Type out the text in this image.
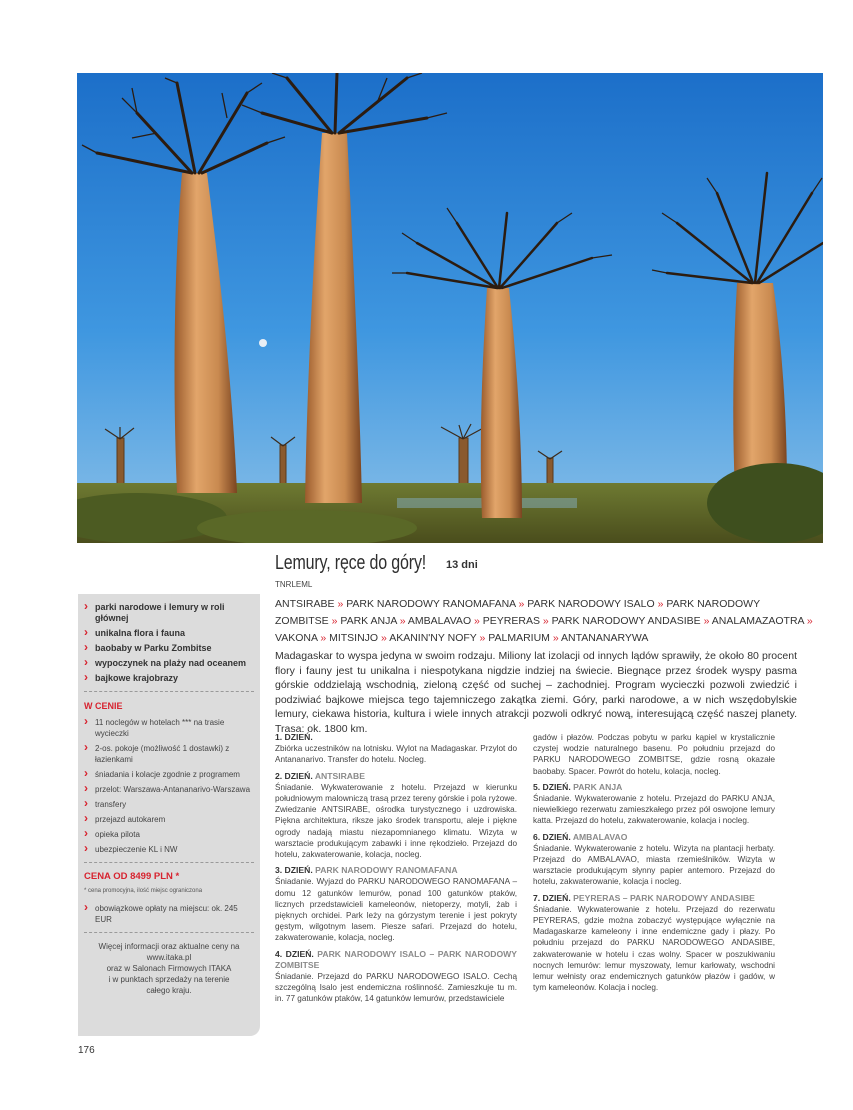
Lemury, ręce do góry! 13 dni
TNRLEML
ANTSIRABE » PARK NARODOWY RANOMAFANA » PARK NARODOWY ISALO » PARK NARODOWY ZOMBITSE » PARK ANJA » AMBALAVAO » PEYRERAS » PARK NARODOWY ANDASIBE » ANALAMAZAOTRA » VAKONA » MITSINJO » AKANIN'NY NOFY » PALMARIUM » ANTANANARYWA
Madagaskar to wyspa jedyna w swoim rodzaju. Miliony lat izolacji od innych lądów sprawiły, że około 80 procent flory i fauny jest tu unikalna i niespotykana nigdzie indziej na świecie. Biegnące przez środek wyspy pasma górskie oddzielają wschodnią, zieloną część od suchej – zachodniej. Program wycieczki pozwoli zwiedzić i podziwiać bajkowe miejsca tego tajemniczego zakątka ziemi. Góry, parki narodowe, a w nich wszędobylskie lemury, ciekawa historia, kultura i wiele innych atrakcji pozwoli odkryć nową, interesującą część naszej planety. Trasa: ok. 1800 km.
1. DZIEŃ.
Zbiórka uczestników na lotnisku. Wylot na Madagaskar. Przylot do Antananarivo. Transfer do hotelu. Nocleg.
2. DZIEŃ. ANTSIRABE
Śniadanie. Wykwaterowanie z hotelu. Przejazd w kierunku południowym malowniczą trasą przez tereny górskie i pola ryżowe. Zwiedzanie ANTSIRABE, ośrodka turystycznego i uzdrowiska. Piękna architektura, riksze jako środek transportu, aleje i piękne ogrody nadają miastu niezapomnianego klimatu. Wizyta w warsztacie produkującym zabawki i inne rękodzieło. Przejazd do hotelu, zakwaterowanie, kolacja, nocleg.
3. DZIEŃ. PARK NARODOWY RANOMAFANA
Śniadanie. Wyjazd do PARKU NARODOWEGO RANOMAFANA – domu 12 gatunków lemurów, ponad 100 gatunków ptaków, licznych przedstawicieli kameleonów, nietoperzy, motyli, żab i pięknych orchidei. Park leży na górzystym terenie i jest pokryty gęstym, wilgotnym lasem. Piesze safari. Przejazd do hotelu, zakwaterowanie, kolacja, nocleg.
4. DZIEŃ. PARK NARODOWY ISALO – PARK NARODOWY ZOMBITSE
Śniadanie. Przejazd do PARKU NARODOWEGO ISALO. Cechą szczególną Isalo jest endemiczna roślinność. Zamieszkuje tu m. in. 77 gatunków ptaków, 14 gatunków lemurów, przedstawiciele
gadów i płazów. Podczas pobytu w parku kąpiel w krystalicznie czystej wodzie naturalnego basenu. Po południu przejazd do PARKU NARODOWEGO ZOMBITSE, gdzie rosną okazałe baobaby. Spacer. Powrót do hotelu, kolacja, nocleg.
5. DZIEŃ. PARK ANJA
Śniadanie. Wykwaterowanie z hotelu. Przejazd do PARKU ANJA, niewielkiego rezerwatu zamieszkałego przez pół oswojone lemury katta. Przejazd do hotelu, zakwaterowanie, kolacja i nocleg.
6. DZIEŃ. AMBALAVAO
Śniadanie. Wykwaterowanie z hotelu. Wizyta na plantacji herbaty. Przejazd do AMBALAVAO, miasta rzemieślników. Wizyta w warsztacie produkującym słynny papier antemoro. Przejazd do hotelu, zakwaterowanie, kolacja i nocleg.
7. DZIEŃ. PEYRERAS – PARK NARODOWY ANDASIBE
Śniadanie. Wykwaterowanie z hotelu. Przejazd do rezerwatu PEYRERAS, gdzie można zobaczyć występujące wyłącznie na Madagaskarze kameleony i inne endemiczne gady i płazy. Po południu przejazd do PARKU NARODOWEGO ANDASIBE, zakwaterowanie w hotelu i czas wolny. Spacer w poszukiwaniu nocnych lemurów: lemur myszowaty, lemur karłowaty, wschodni lemur wełnisty oraz endemicznych gatunków płazów i gadów, w tym kameleonów. Kolacja i nocleg.
› parki narodowe i lemury w roli głównej
› unikalna flora i fauna
› baobaby w Parku Zombitse
› wypoczynek na plaży nad oceanem
› bajkowe krajobrazy
W CENIE
› 11 noclegów w hotelach *** na trasie wycieczki
› 2-os. pokoje (możliwość 1 dostawki) z łazienkami
› śniadania i kolacje zgodnie z programem
› przelot: Warszawa-Antananarivo-Warszawa
› transfery
› przejazd autokarem
› opieka pilota
› ubezpieczenie KL i NW
CENA OD 8499 PLN *
* cena promocyjna, ilość miejsc ograniczona
› obowiązkowe opłaty na miejscu: ok. 245 EUR
Więcej informacji oraz aktualne ceny na
www.itaka.pl
oraz w Salonach Firmowych ITAKA
i w punktach sprzedaży na terenie
całego kraju.
176
